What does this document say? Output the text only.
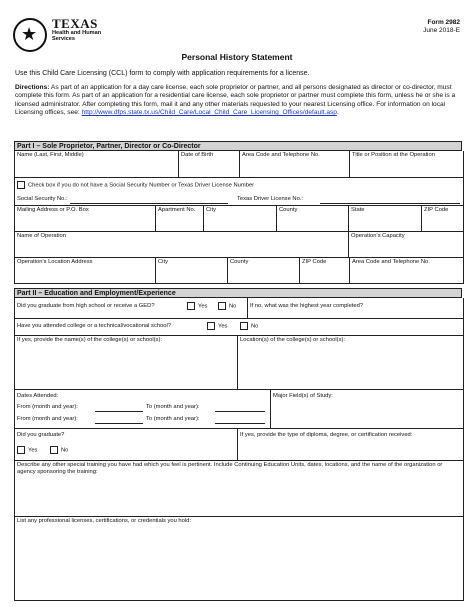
★
TEXAS
Health and Human
Services
Form 2982
June 2018-E
Personal History Statement
Use this Child Care Licensing (CCL) form to comply with application requirements for a license.
Directions: As part of an application for a day care license, each sole proprietor or partner, and all persons designated as director or co-director, must complete this form. As part of an application for a residential care license, each sole proprietor or partner must complete this form, unless he or she is a licensed administrator. After completing this form, mail it and any other materials requested to your nearest Licensing office. For information on local Licensing offices, see: http://www.dfps.state.tx.us/Child_Care/Local_Child_Care_Licensing_Offices/default.asp.
Part I – Sole Proprietor, Partner, Director or Co-Director
Name (Last, First, Middle)	Date of Birth	Area Code and Telephone No.	Title or Position at the Operation
Check box if you do not have a Social Security Number or Texas Driver License Number
Social Security No.:	Texas Driver License No.:
Mailing Address or P.O. Box	Apartment No.	City	County	State	ZIP Code
Name of Operation	Operation's Capacity
Operation's Location Address	City	County	ZIP Code	Area Code and Telephone No.
Part II – Education and Employment/Experience
Did you graduate from high school or receive a GED?	Yes	No If no, what was the highest year completed?
Have you attended college or a technical/vocational school?	Yes	No
If yes, provide the name(s) of the college(s) or school(s):	Location(s) of the college(s) or school(s):
Dates Attended:
From (month and year):	To (month and year):
From (month and year):	To (month and year):
Major Field(s) of Study:
Did you graduate?
Yes	No
If yes, provide the type of diploma, degree, or certification received:
Describe any other special training you have had which you feel is pertinent. Include Continuing Education Units, dates, locations, and the name of the organization or agency sponsoring the training:
List any professional licenses, certifications, or credentials you hold:
